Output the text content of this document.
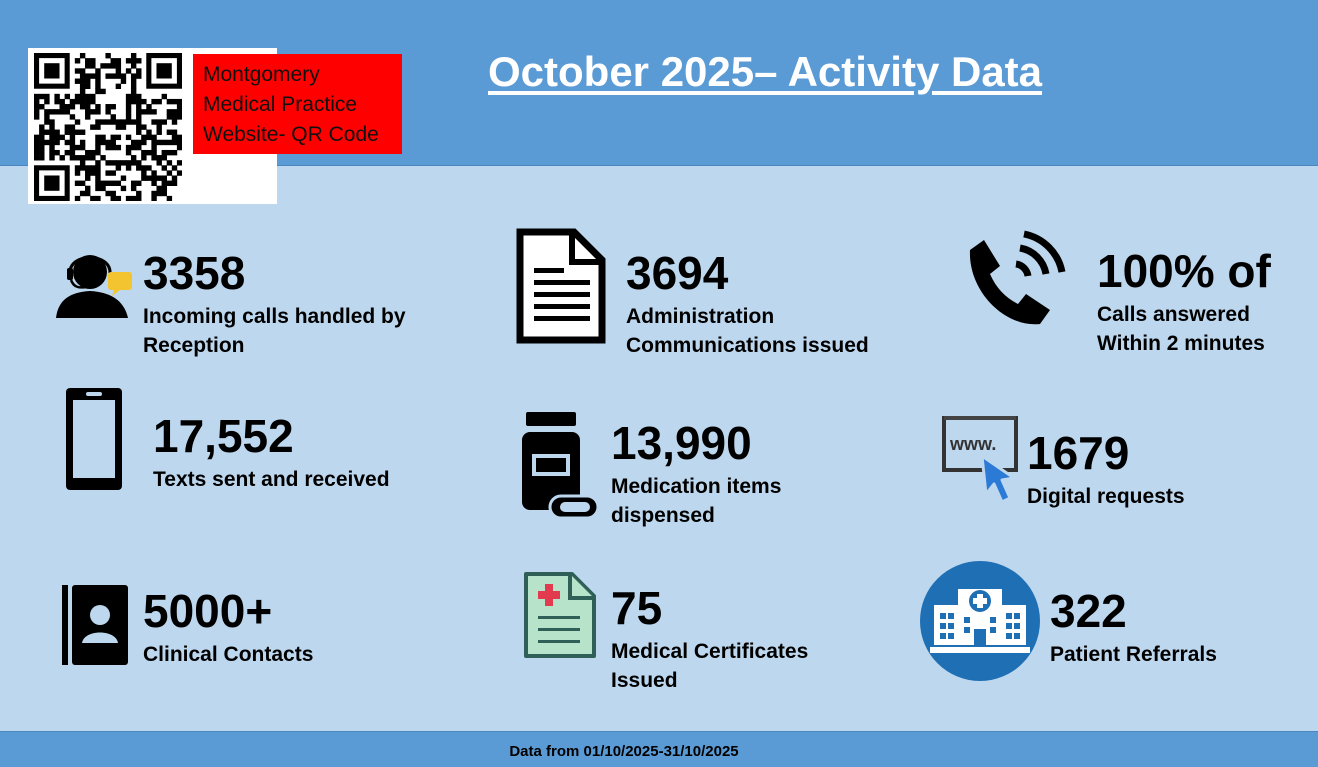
October 2025– Activity Data
Montgomery
Medical Practice
Website- QR Code
3358
Incoming calls handled by
Reception
3694
Administration
Communications issued
100% of
Calls answered
Within 2 minutes
17,552
Texts sent and received
13,990
Medication items
dispensed
www. 1679
Digital requests
5000+
Clinical Contacts
75
Medical Certificates
Issued
322
Patient Referrals
Data from 01/10/2025-31/10/2025
